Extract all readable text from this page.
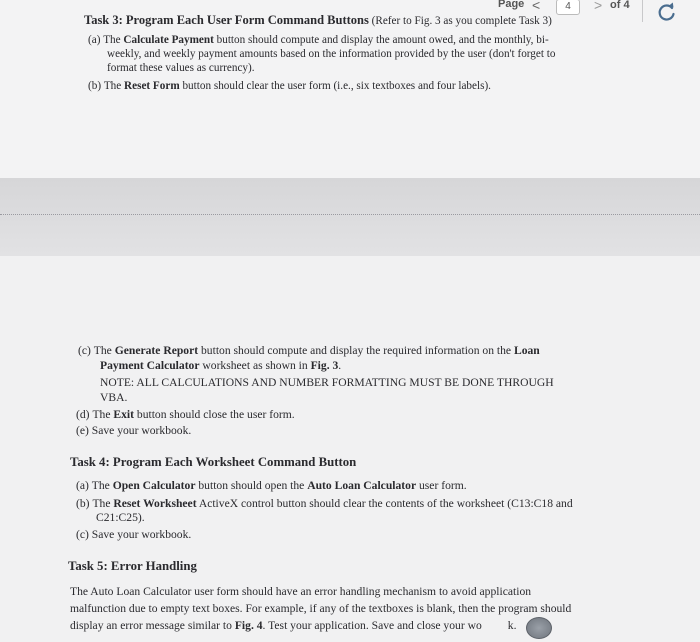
Page <	4	> of 4
Task 3: Program Each User Form Command Buttons (Refer to Fig. 3 as you complete Task 3)
(a) The Calculate Payment button should compute and display the amount owed, and the monthly, bi-
weekly, and weekly payment amounts based on the information provided by the user (don't forget to
format these values as currency).
(b) The Reset Form button should clear the user form (i.e., six textboxes and four labels).
(c) The Generate Report button should compute and display the required information on the Loan
Payment Calculator worksheet as shown in Fig. 3.
NOTE: ALL CALCULATIONS AND NUMBER FORMATTING MUST BE DONE THROUGH
VBA.
(d) The Exit button should close the user form.
(e) Save your workbook.
Task 4: Program Each Worksheet Command Button
(a) The Open Calculator button should open the Auto Loan Calculator user form.
(b) The Reset Worksheet ActiveX control button should clear the contents of the worksheet (C13:C18 and
C21:C25).
(c) Save your workbook.
Task 5: Error Handling
The Auto Loan Calculator user form should have an error handling mechanism to avoid application
malfunction due to empty text boxes. For example, if any of the textboxes is blank, then the program should
display an error message similar to Fig. 4. Test your application. Save and close your wo k.
